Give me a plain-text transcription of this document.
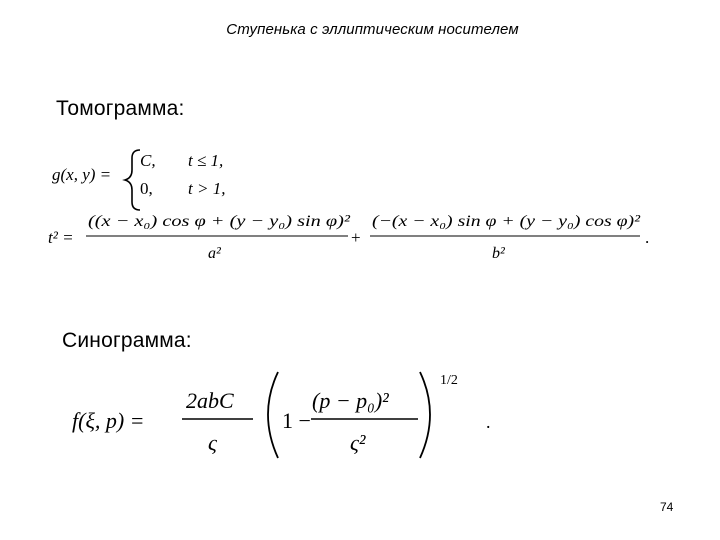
Ступенька с эллиптическим носителем
Томограмма:
g(x, y) =
C, t ≤ 1,
0, t > 1,
t² =
((x − x₀) cos φ + (y − y₀) sin φ)²
a²
+
(−(x − x₀) sin φ + (y − y₀) cos φ)²
b²
.
f(ξ, p) =
2abC
ς
1 −
(p − p₀)²
ς²
1/2
.
Синограмма:
74
